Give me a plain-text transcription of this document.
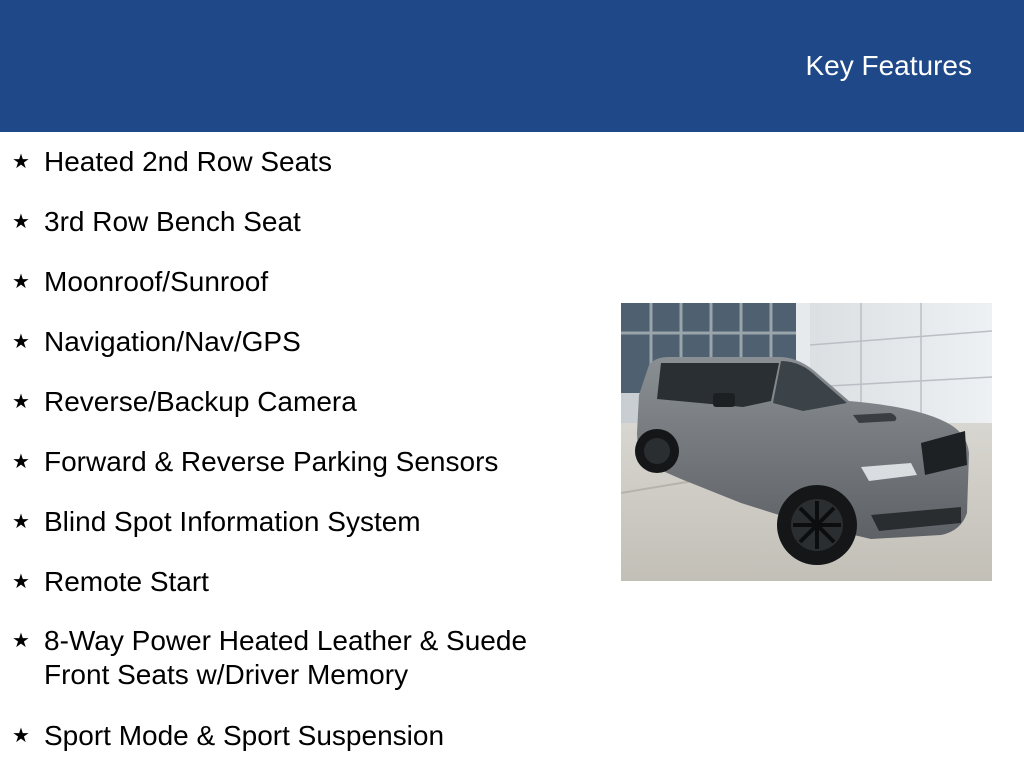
Key Features
★ Heated 2nd Row Seats
★ 3rd Row Bench Seat
★ Moonroof/Sunroof
★ Navigation/Nav/GPS
★ Reverse/Backup Camera
★ Forward & Reverse Parking Sensors
★ Blind Spot Information System
★ Remote Start
★ 8-Way Power Heated Leather & Suede
Front Seats w/Driver Memory
★ Sport Mode & Sport Suspension
